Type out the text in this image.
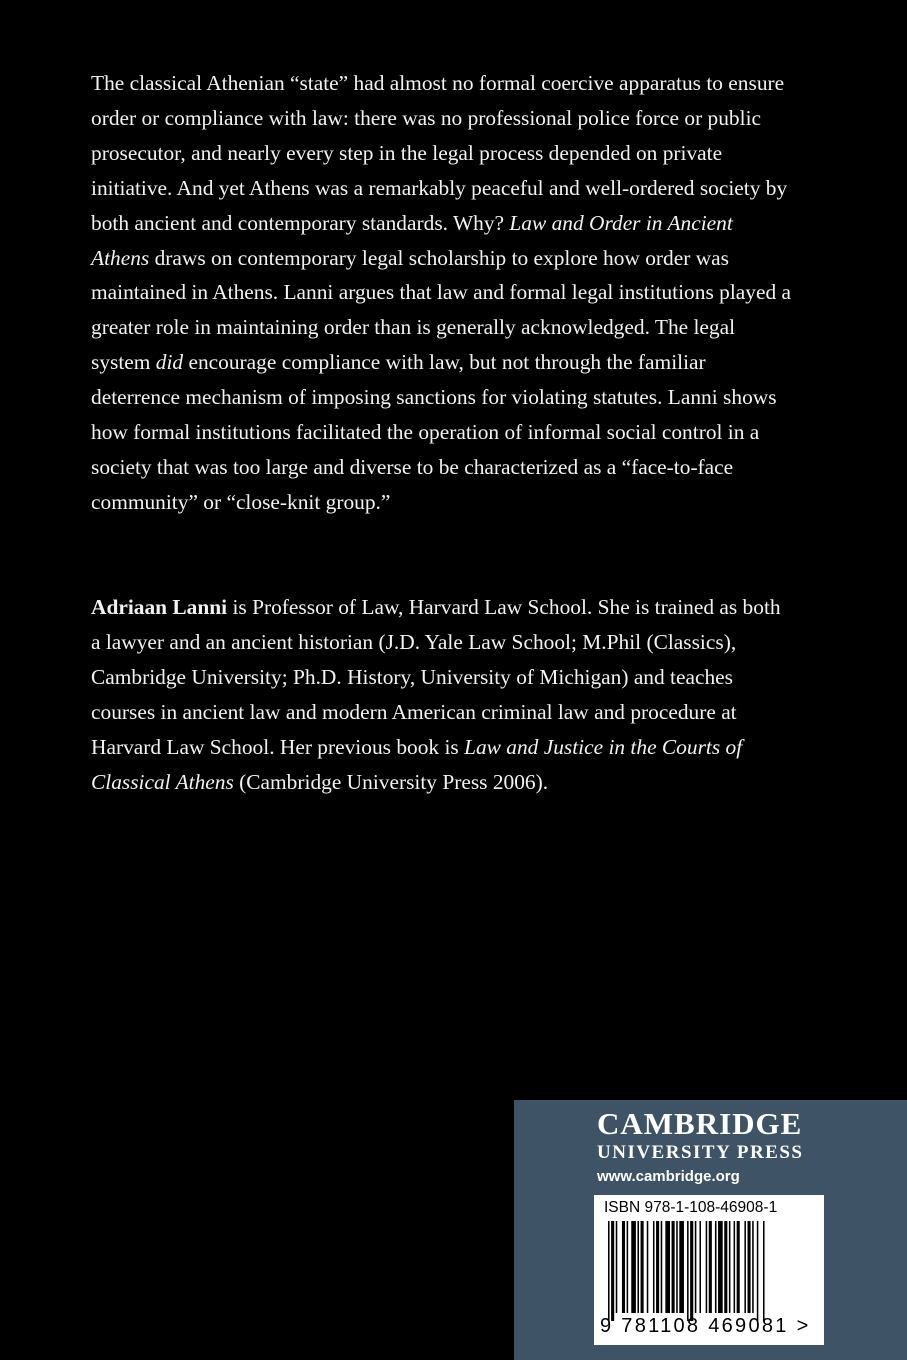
The classical Athenian “state” had almost no formal coercive apparatus to ensure order or compliance with law: there was no professional police force or public prosecutor, and nearly every step in the legal process depended on private initiative. And yet Athens was a remarkably peaceful and well-ordered society by both ancient and contemporary standards. Why? Law and Order in Ancient Athens draws on contemporary legal scholarship to explore how order was maintained in Athens. Lanni argues that law and formal legal institutions played a greater role in maintaining order than is generally acknowledged. The legal system did encourage compliance with law, but not through the familiar deterrence mechanism of imposing sanctions for violating statutes. Lanni shows how formal institutions facilitated the operation of informal social control in a society that was too large and diverse to be characterized as a “face-to-face community” or “close-knit group.”

Adriaan Lanni is Professor of Law, Harvard Law School. She is trained as both a lawyer and an ancient historian (J.D. Yale Law School; M.Phil (Classics), Cambridge University; Ph.D. History, University of Michigan) and teaches courses in ancient law and modern American criminal law and procedure at Harvard Law School. Her previous book is Law and Justice in the Courts of Classical Athens (Cambridge University Press 2006).

CAMBRIDGE
UNIVERSITY PRESS
www.cambridge.org
ISBN 978-1-108-46908-1
9 781108 469081 >
